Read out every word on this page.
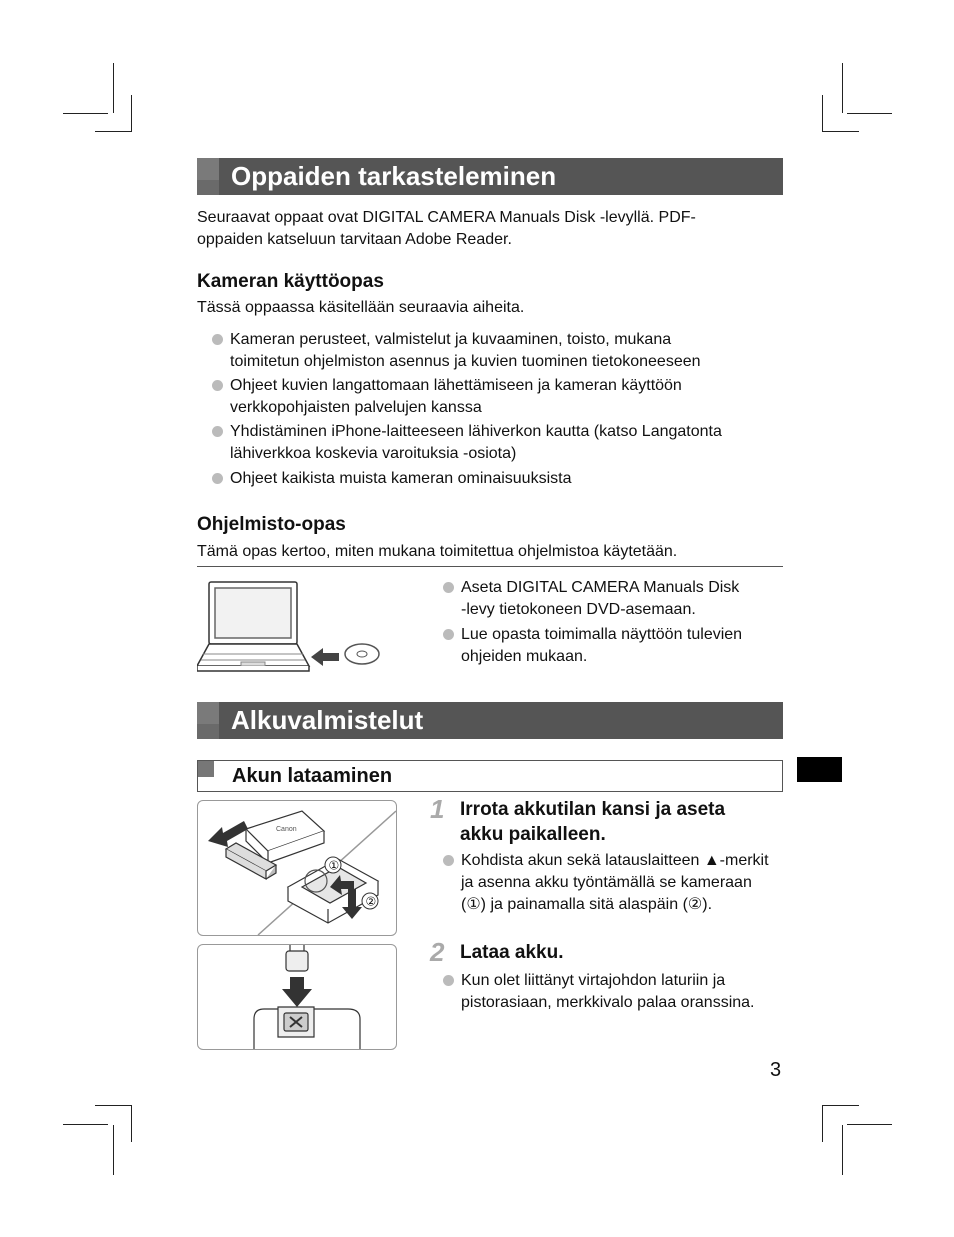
Oppaiden tarkasteleminen
Seuraavat oppaat ovat DIGITAL CAMERA Manuals Disk -levyllä. PDF-
oppaiden katseluun tarvitaan Adobe Reader.
Kameran käyttöopas
Tässä oppaassa käsitellään seuraavia aiheita.
Kameran perusteet, valmistelut ja kuvaaminen, toisto, mukana
toimitetun ohjelmiston asennus ja kuvien tuominen tietokoneeseen
Ohjeet kuvien langattomaan lähettämiseen ja kameran käyttöön
verkkopohjaisten palvelujen kanssa
Yhdistäminen iPhone-laitteeseen lähiverkon kautta (katso Langatonta
lähiverkkoa koskevia varoituksia -osiota)
Ohjeet kaikista muista kameran ominaisuuksista
Ohjelmisto-opas
Tämä opas kertoo, miten mukana toimitettua ohjelmistoa käytetään.
Aseta DIGITAL CAMERA Manuals Disk
-levy tietokoneen DVD-asemaan.
Lue opasta toimimalla näyttöön tulevien
ohjeiden mukaan.
Alkuvalmistelut
Akun lataaminen
Canon
①
②
1 Irrota akkutilan kansi ja aseta
akku paikalleen.
Kohdista akun sekä latauslaitteen ▲-merkit
ja asenna akku työntämällä se kameraan
(①) ja painamalla sitä alaspäin (②).
2 Lataa akku.
Kun olet liittänyt virtajohdon laturiin ja
pistorasiaan, merkkivalo palaa oranssina.
3
